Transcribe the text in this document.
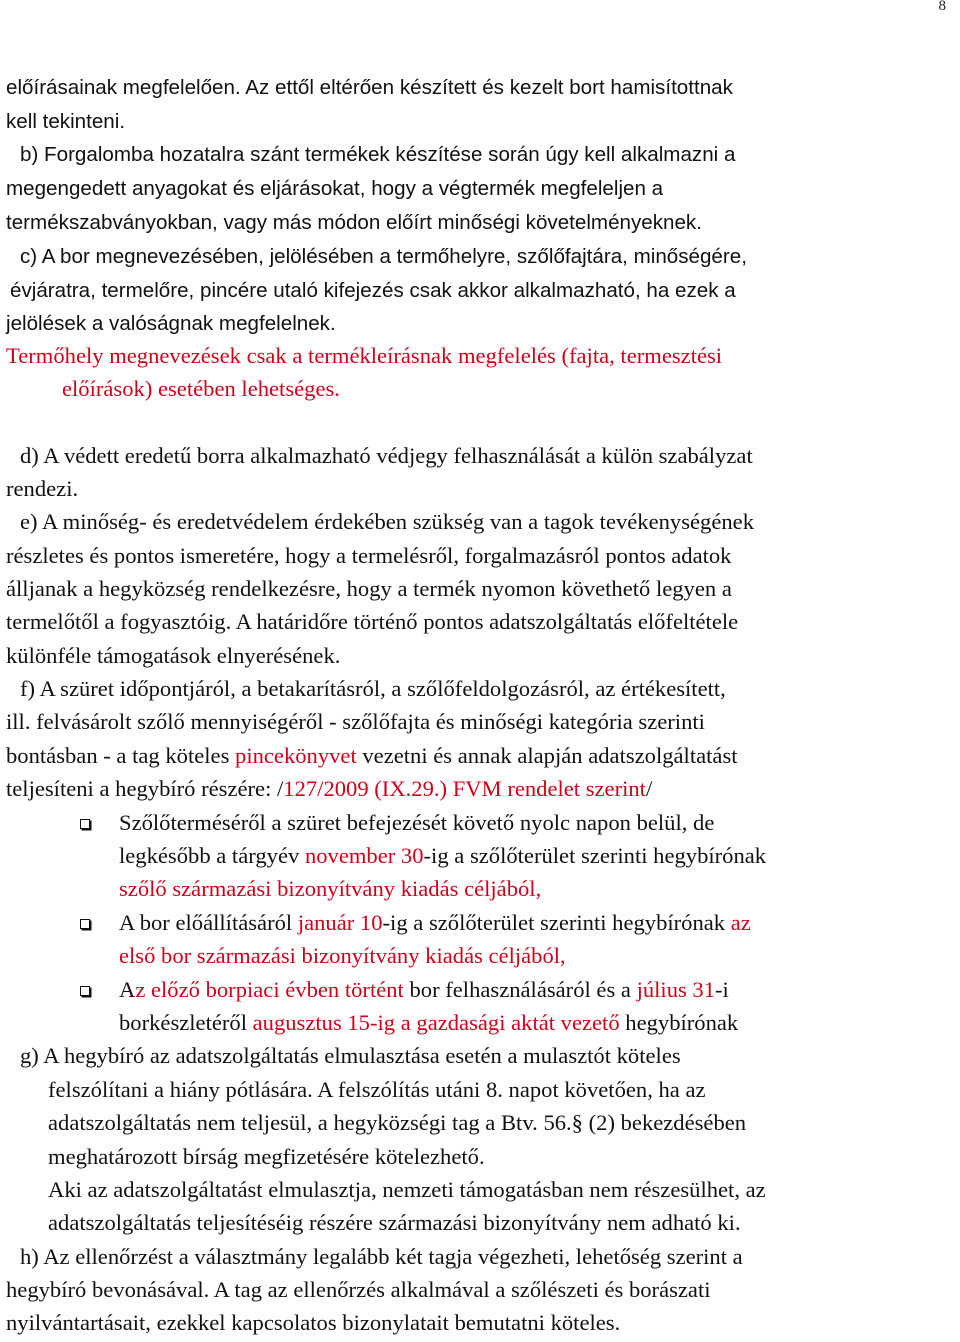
8
előírásainak megfelelően. Az ettől eltérően készített és kezelt bort hamisítottnak
kell tekinteni.
b) Forgalomba hozatalra szánt termékek készítése során úgy kell alkalmazni a
megengedett anyagokat és eljárásokat, hogy a végtermék megfeleljen a
termékszabványokban, vagy más módon előírt minőségi követelményeknek.
c) A bor megnevezésében, jelölésében a termőhelyre, szőlőfajtára, minőségére,
évjáratra, termelőre, pincére utaló kifejezés csak akkor alkalmazható, ha ezek a
jelölések a valóságnak megfelelnek.
Termőhely megnevezések csak a termékleírásnak megfelelés (fajta, termesztési
előírások) esetében lehetséges.
d) A védett eredetű borra alkalmazható védjegy felhasználását a külön szabályzat
rendezi.
e) A minőség- és eredetvédelem érdekében szükség van a tagok tevékenységének
részletes és pontos ismeretére, hogy a termelésről, forgalmazásról pontos adatok
álljanak a hegyközség rendelkezésre, hogy a termék nyomon követhető legyen a
termelőtől a fogyasztóig. A határidőre történő pontos adatszolgáltatás előfeltétele
különféle támogatások elnyerésének.
f) A szüret időpontjáról, a betakarításról, a szőlőfeldolgozásról, az értékesített,
ill. felvásárolt szőlő mennyiségéről - szőlőfajta és minőségi kategória szerinti
bontásban - a tag köteles pincekönyvet vezetni és annak alapján adatszolgáltatást
teljesíteni a hegybíró részére: /127/2009 (IX.29.) FVM rendelet szerint/
Szőlőterméséről a szüret befejezését követő nyolc napon belül, de
legkésőbb a tárgyév november 30-ig a szőlőterület szerinti hegybírónak
szőlő származási bizonyítvány kiadás céljából,
A bor előállításáról január 10-ig a szőlőterület szerinti hegybírónak az
első bor származási bizonyítvány kiadás céljából,
Az előző borpiaci évben történt bor felhasználásáról és a július 31-i
borkészletéről augusztus 15-ig a gazdasági aktát vezető hegybírónak
g) A hegybíró az adatszolgáltatás elmulasztása esetén a mulasztót köteles
felszólítani a hiány pótlására. A felszólítás utáni 8. napot követően, ha az
adatszolgáltatás nem teljesül, a hegyközségi tag a Btv. 56.§ (2) bekezdésében
meghatározott bírság megfizetésére kötelezhető.
Aki az adatszolgáltatást elmulasztja, nemzeti támogatásban nem részesülhet, az
adatszolgáltatás teljesítéséig részére származási bizonyítvány nem adható ki.
h) Az ellenőrzést a választmány legalább két tagja végezheti, lehetőség szerint a
hegybíró bevonásával. A tag az ellenőrzés alkalmával a szőlészeti és borászati
nyilvántartásait, ezekkel kapcsolatos bizonylatait bemutatni köteles.
